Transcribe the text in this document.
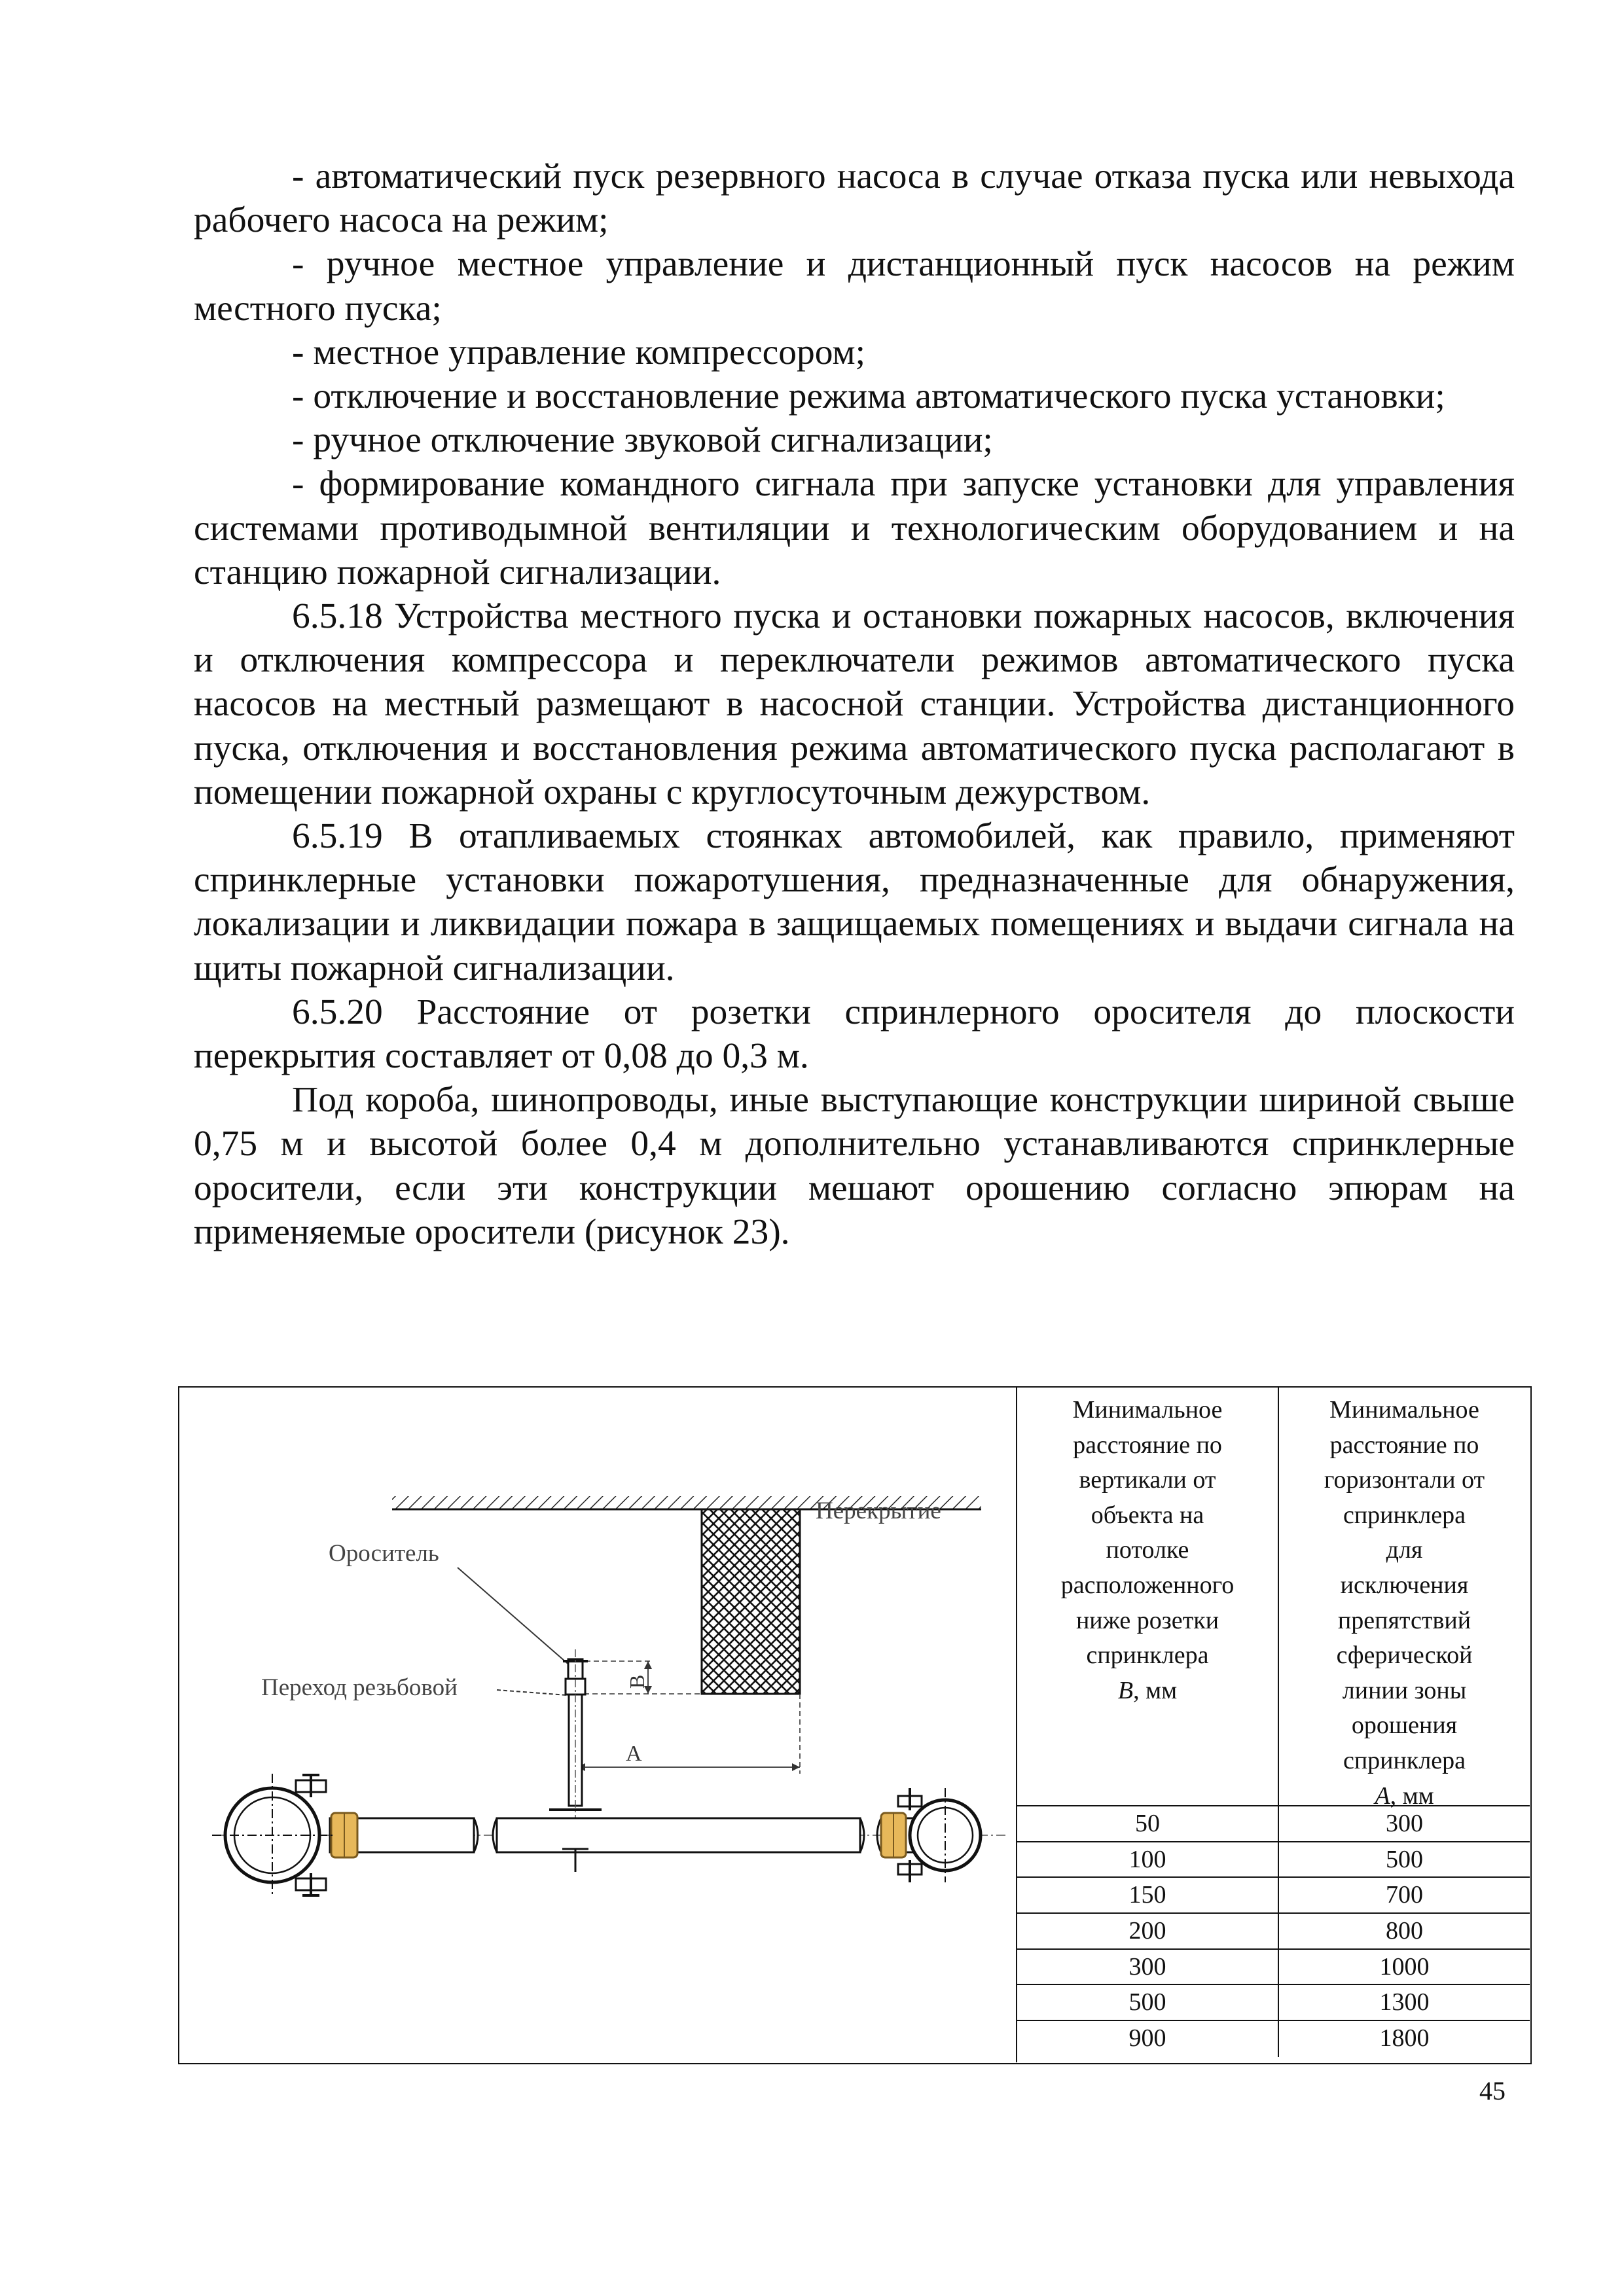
- автоматический пуск резервного насоса в случае отказа пуска или невыхода рабочего насоса на режим;

- ручное местное управление и дистанционный пуск насосов на режим местного пуска;

- местное управление компрессором;

- отключение и восстановление режима автоматического пуска установки;

- ручное отключение звуковой сигнализации;

- формирование командного сигнала при запуске установки для управления системами противодымной вентиляции и технологическим оборудованием и на станцию пожарной сигнализации.

6.5.18 Устройства местного пуска и остановки пожарных насосов, включения и отключения компрессора и переключатели режимов автоматического пуска насосов на местный размещают в насосной станции. Устройства дистанционного пуска, отключения и восстановления режима автоматического пуска располагают в помещении пожарной охраны с круглосуточным дежурством.

6.5.19 В отапливаемых стоянках автомобилей, как правило, применяют спринклерные установки пожаротушения, предназначенные для обнаружения, локализации и ликвидации пожара в защищаемых помещениях и выдачи сигнала на щиты пожарной сигнализации.

6.5.20 Расстояние от розетки спринлерного оросителя до плоскости перекрытия составляет от 0,08 до 0,3 м.

Под короба, шинопроводы, иные выступающие конструкции шириной свыше 0,75 м и высотой более 0,4 м дополнительно устанавливаются спринклерные оросители, если эти конструкции мешают орошению согласно эпюрам на применяемые оросители (рисунок 23).

Перекрытие
Ороситель
Переход резьбовой	B
A
Минимальное
расстояние по
вертикали от
объекта на
потолке
расположенного
ниже розетки
спринклера
B, мм
Минимальное
расстояние по
горизонтали от
спринклера
для
исключения
препятствий
сферической
линии зоны
орошения
спринклера
A, мм
50	300
100	500
150	700
200	800
300	1000
500	1300
900	1800
45
